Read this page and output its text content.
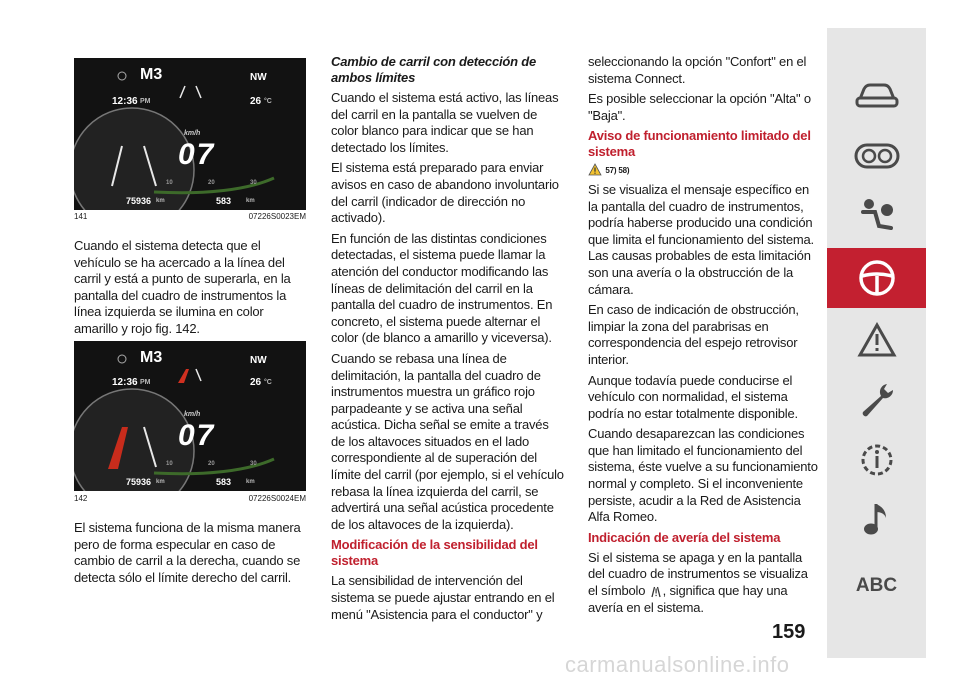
M3
12:36 PM
NW
26 °C
km/h
07
10	20	30
75936 km	583 km
141	07226S0023EM

Cuando el sistema detecta que el vehículo se ha acercado a la línea del carril y está a punto de superarla, en la pantalla del cuadro de instrumentos la línea izquierda se ilumina en color amarillo y rojo fig. 142.

M3
12:36 PM
NW
26 °C
km/h
07
10	20	30
75936 km	583 km
142	07226S0024EM

El sistema funciona de la misma manera pero de forma especular en caso de cambio de carril a la derecha, cuando se detecta sólo el límite derecho del carril.

Cambio de carril con detección de ambos límites

Cuando el sistema está activo, las líneas del carril en la pantalla se vuelven de color blanco para indicar que se han detectado los límites.

El sistema está preparado para enviar avisos en caso de abandono involuntario del carril (indicador de dirección no activado).

En función de las distintas condiciones detectadas, el sistema puede llamar la atención del conductor modificando las líneas de delimitación del carril en la pantalla del cuadro de instrumentos. En concreto, el sistema puede alternar el color (de blanco a amarillo y viceversa).

Cuando se rebasa una línea de delimitación, la pantalla del cuadro de instrumentos muestra un gráfico rojo parpadeante y se activa una señal acústica. Dicha señal se emite a través de los altavoces situados en el lado correspondiente al de superación del límite del carril (por ejemplo, si el vehículo rebasa la línea izquierda del carril, se advertirá una señal acústica procedente de los altavoces de la izquierda).

Modificación de la sensibilidad del sistema

La sensibilidad de intervención del sistema se puede ajustar entrando en el menú "Asistencia para el conductor" y

seleccionando la opción "Confort" en el sistema Connect.

Es posible seleccionar la opción "Alta" o "Baja".

Aviso de funcionamiento limitado del sistema

57) 58)

Si se visualiza el mensaje específico en la pantalla del cuadro de instrumentos, podría haberse producido una condición que limita el funcionamiento del sistema. Las causas probables de esta limitación son una avería o la obstrucción de la cámara.

En caso de indicación de obstrucción, limpiar la zona del parabrisas en correspondencia del espejo retrovisor interior.

Aunque todavía puede conducirse el vehículo con normalidad, el sistema podría no estar totalmente disponible.

Cuando desaparezcan las condiciones que han limitado el funcionamiento del sistema, éste vuelve a su funcionamiento normal y completo. Si el inconveniente persiste, acudir a la Red de Asistencia Alfa Romeo.

Indicación de avería del sistema

Si el sistema se apaga y en la pantalla del cuadro de instrumentos se visualiza el símbolo , significa que hay una avería en el sistema.

159
ABC
carmanualsonline.info
